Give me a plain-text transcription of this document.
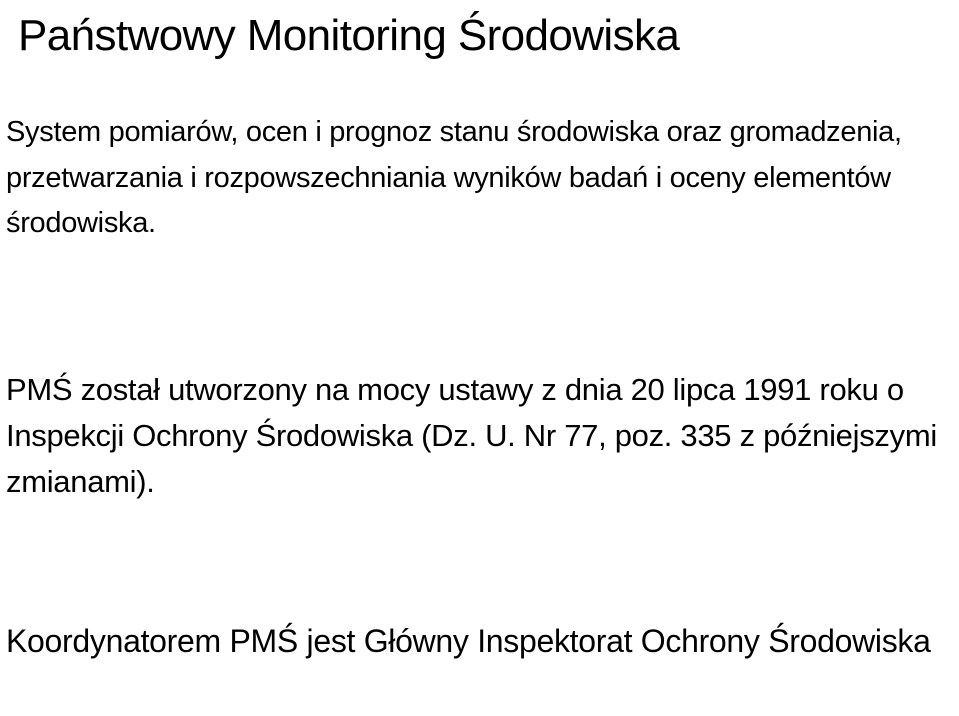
Państwowy Monitoring Środowiska

System pomiarów, ocen i prognoz stanu środowiska oraz gromadzenia, przetwarzania i rozpowszechniania wyników badań i oceny elementów środowiska.

PMŚ został utworzony na mocy ustawy z dnia 20 lipca 1991 roku o Inspekcji Ochrony Środowiska (Dz. U. Nr 77, poz. 335 z późniejszymi zmianami).

Koordynatorem PMŚ jest Główny Inspektorat Ochrony Środowiska
